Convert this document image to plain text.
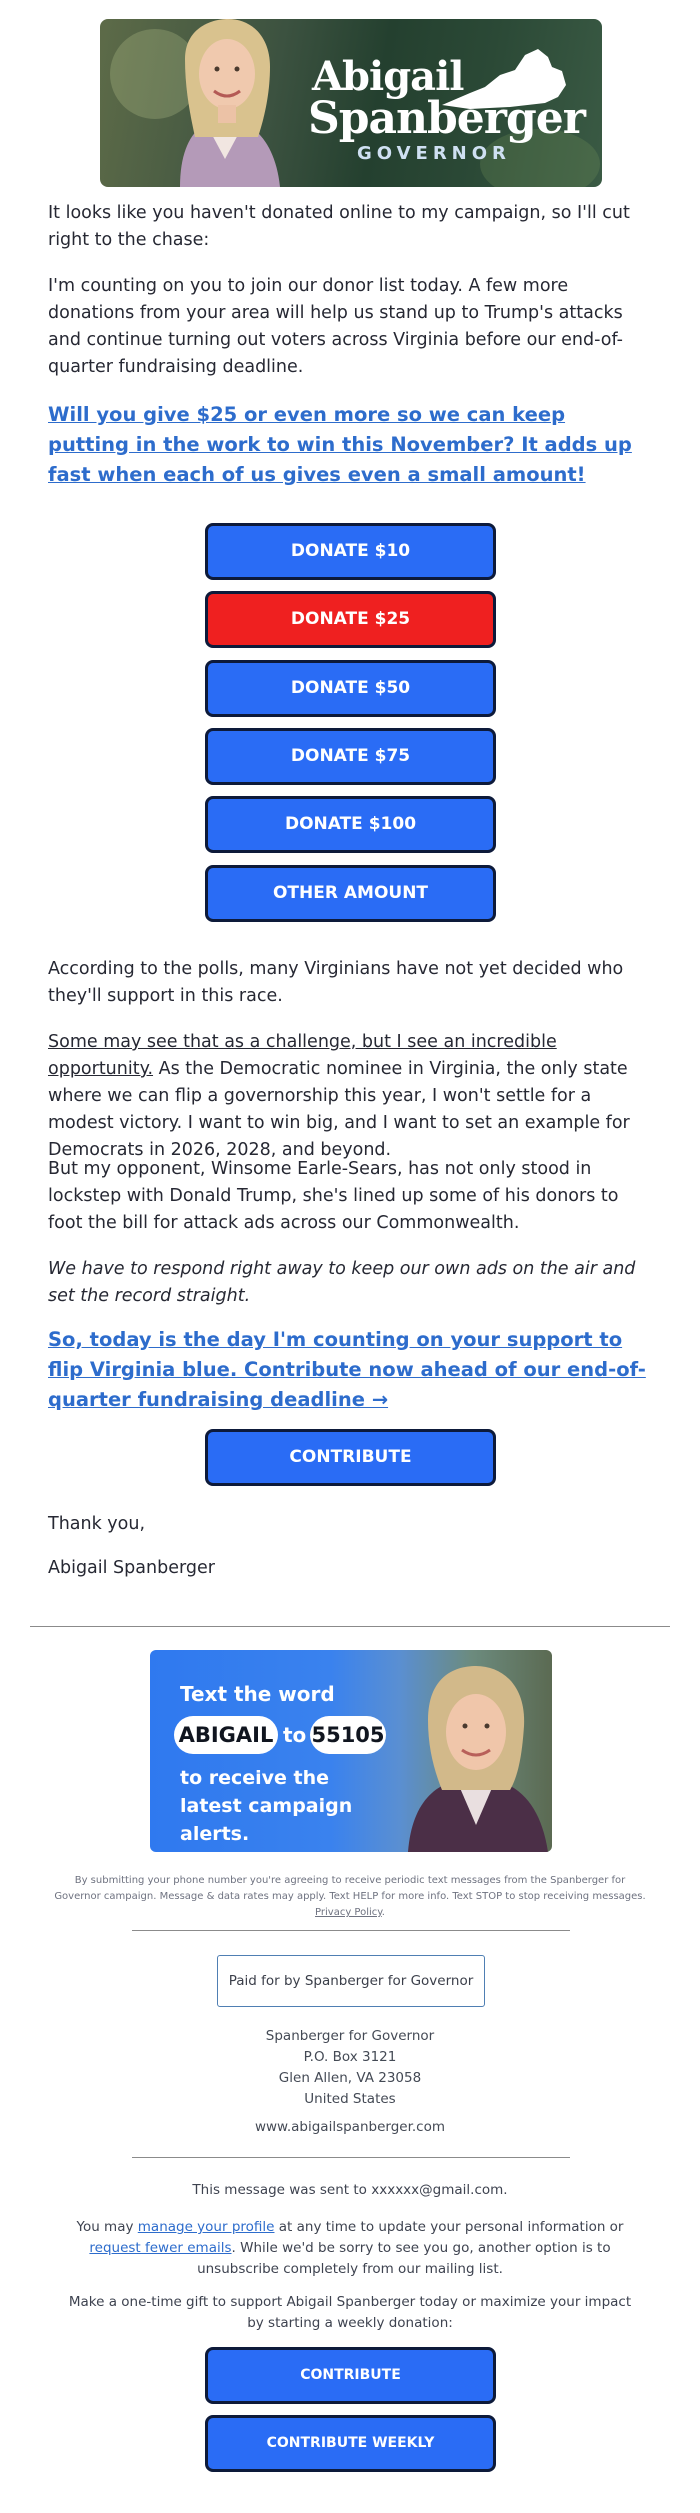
Abigail
Spanberger
GOVERNOR

It looks like you haven't donated online to my campaign, so I'll cut right to the chase:

I'm counting on you to join our donor list today. A few more donations from your area will help us stand up to Trump's attacks and continue turning out voters across Virginia before our end-of-quarter fundraising deadline.

Will you give $25 or even more so we can keep putting in the work to win this November? It adds up fast when each of us gives even a small amount!
DONATE $10
DONATE $25
DONATE $50
DONATE $75
DONATE $100
OTHER AMOUNT

According to the polls, many Virginians have not yet decided who they'll support in this race.

Some may see that as a challenge, but I see an incredible opportunity. As the Democratic nominee in Virginia, the only state where we can flip a governorship this year, I won't settle for a modest victory. I want to win big, and I want to set an example for Democrats in 2026, 2028, and beyond.

But my opponent, Winsome Earle-Sears, has not only stood in lockstep with Donald Trump, she's lined up some of his donors to foot the bill for attack ads across our Commonwealth.

We have to respond right away to keep our own ads on the air and set the record straight.

So, today is the day I'm counting on your support to flip Virginia blue. Contribute now ahead of our end-of-quarter fundraising deadline →
CONTRIBUTE

Thank you,

Abigail Spanberger

Text the word
ABIGAIL to 55105
to receive the latest campaign alerts.

By submitting your phone number you're agreeing to receive periodic text messages from the Spanberger for Governor campaign. Message & data rates may apply. Text HELP for more info. Text STOP to stop receiving messages. Privacy Policy.

Paid for by Spanberger for Governor
Spanberger for Governor
P.O. Box 3121
Glen Allen, VA 23058
United States
www.abigailspanberger.com

This message was sent to xxxxxx@gmail.com.

You may manage your profile at any time to update your personal information or request fewer emails. While we'd be sorry to see you go, another option is to unsubscribe completely from our mailing list.

Make a one-time gift to support Abigail Spanberger today or maximize your impact by starting a weekly donation:

CONTRIBUTE
CONTRIBUTE WEEKLY
